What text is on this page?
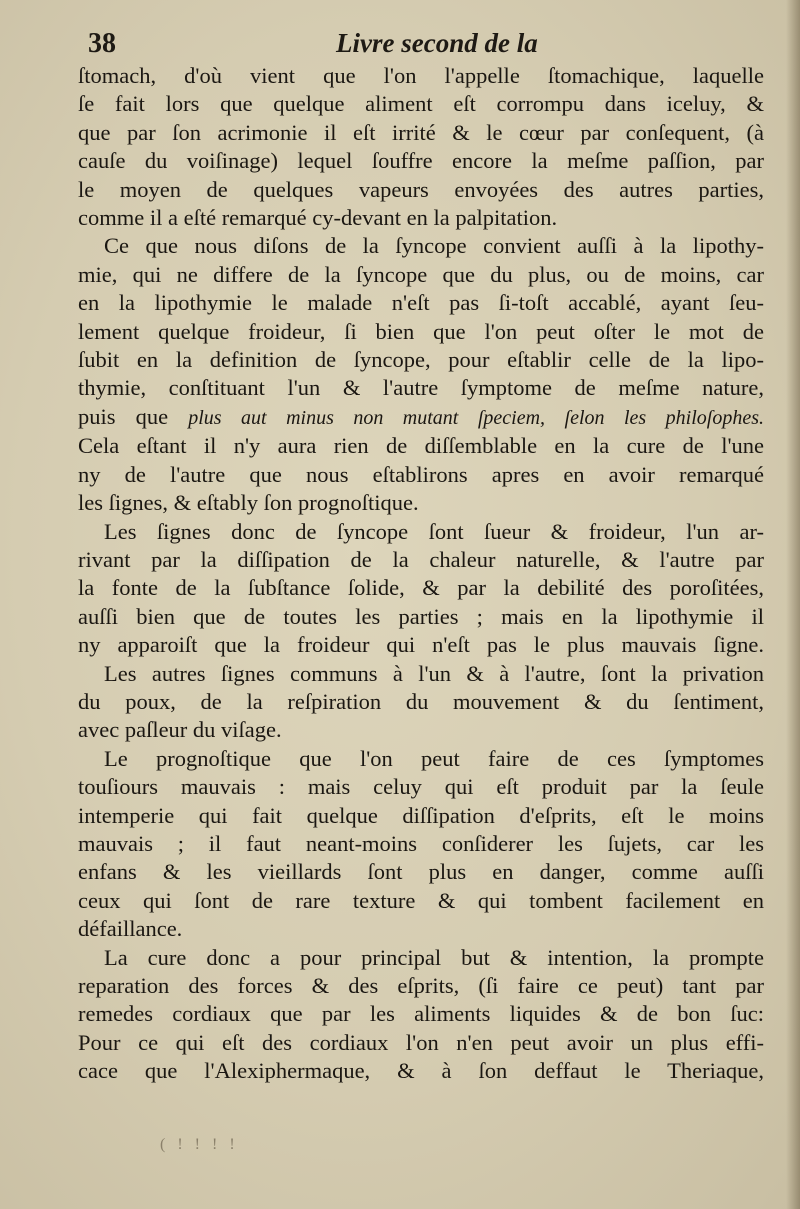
38	Livre second de la

ſtomach, d'où vient que l'on l'appelle ſtomachique, laquelle
ſe fait lors que quelque aliment eſt corrompu dans iceluy, &
que par ſon acrimonie il eſt irrité & le cœur par conſequent, (à
cauſe du voiſinage) lequel ſouffre encore la meſme paſſion, par
le moyen de quelques vapeurs envoyées des autres parties,
comme il a eſté remarqué cy-devant en la palpitation.

Ce que nous diſons de la ſyncope convient auſſi à la lipothy-
mie, qui ne differe de la ſyncope que du plus, ou de moins, car
en la lipothymie le malade n'eſt pas ſi-toſt accablé, ayant ſeu-
lement quelque froideur, ſi bien que l'on peut oſter le mot de
ſubit en la definition de ſyncope, pour eſtablir celle de la lipo-
thymie, conſtituant l'un & l'autre ſymptome de meſme nature,
puis que plus aut minus non mutant ſpeciem, ſelon les philoſophes.
Cela eſtant il n'y aura rien de diſſemblable en la cure de l'une
ny de l'autre que nous eſtablirons apres en avoir remarqué
les ſignes, & eſtably ſon prognoſtique.

Les ſignes donc de ſyncope ſont ſueur & froideur, l'un ar-
rivant par la diſſipation de la chaleur naturelle, & l'autre par
la fonte de la ſubſtance ſolide, & par la debilité des poroſitées,
auſſi bien que de toutes les parties ; mais en la lipothymie il
ny apparoiſt que la froideur qui n'eſt pas le plus mauvais ſigne.

Les autres ſignes communs à l'un & à l'autre, ſont la privation
du poux, de la reſpiration du mouvement & du ſentiment,
avec paſleur du viſage.

Le prognoſtique que l'on peut faire de ces ſymptomes
touſiours mauvais : mais celuy qui eſt produit par la ſeule
intemperie qui fait quelque diſſipation d'eſprits, eſt le moins
mauvais ; il faut neant-moins conſiderer les ſujets, car les
enfans & les vieillards ſont plus en danger, comme auſſi
ceux qui ſont de rare texture & qui tombent facilement en
défaillance.

La cure donc a pour principal but & intention, la prompte
reparation des forces & des eſprits, (ſi faire ce peut) tant par
remedes cordiaux que par les aliments liquides & de bon ſuc:
Pour ce qui eſt des cordiaux l'on n'en peut avoir un plus effi-
cace que l'Alexiphermaque, & à ſon deffaut le Theriaque,

( ! ! ! !
